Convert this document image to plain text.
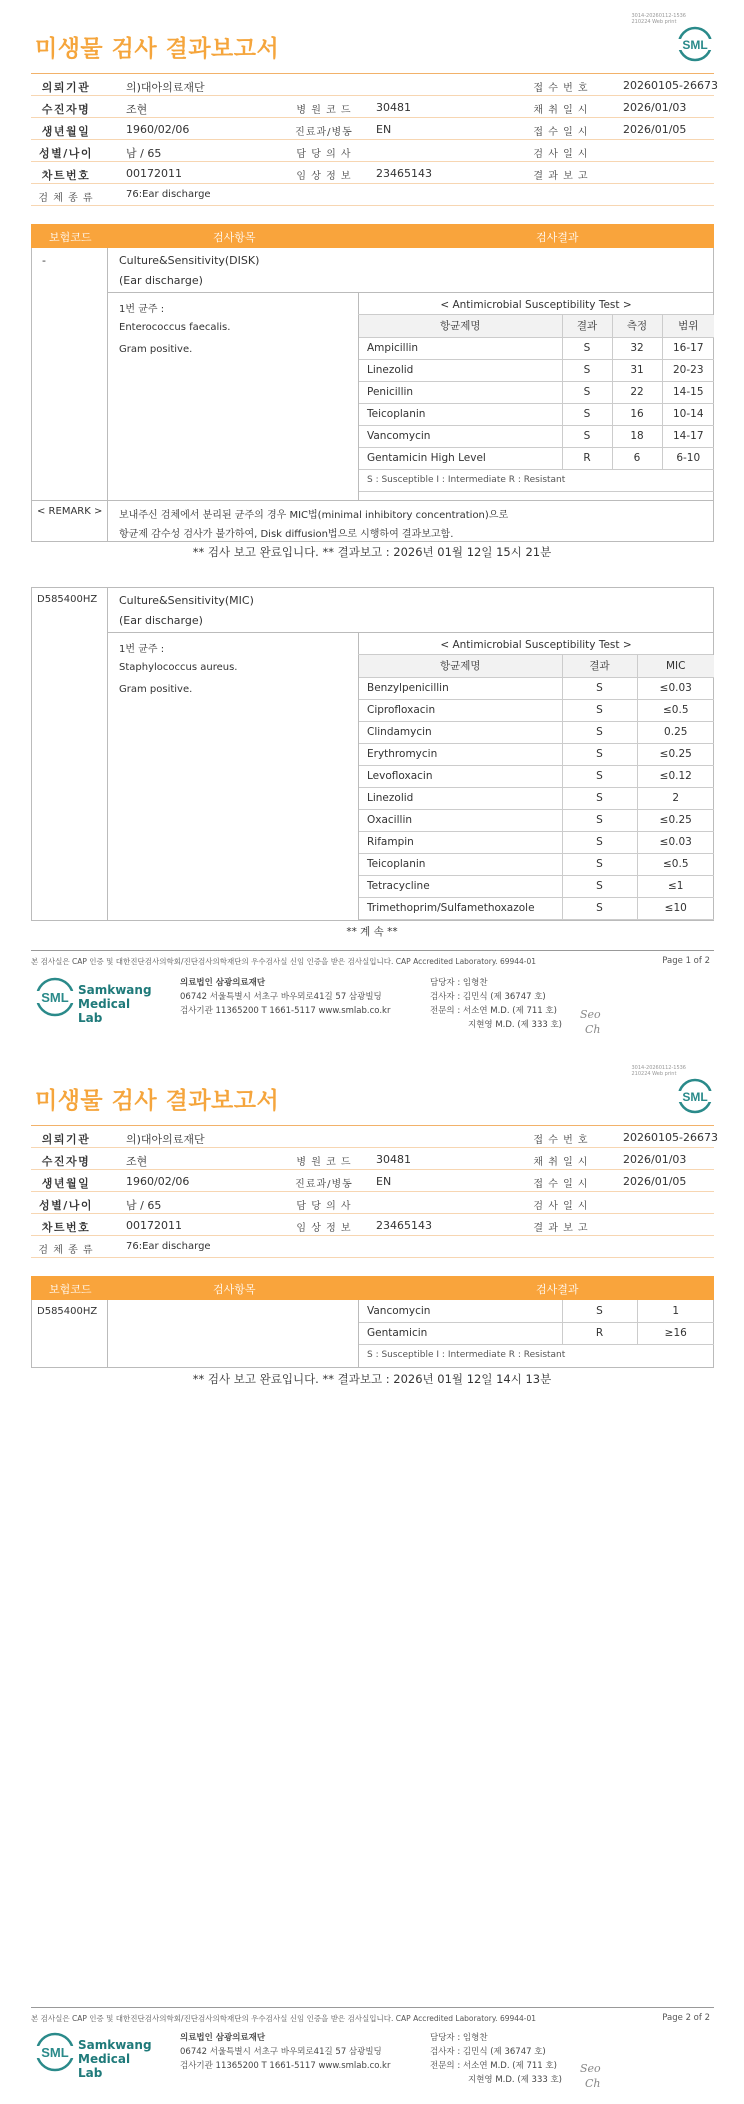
3014-20260112-1536
210224 Web print
SML
미생물 검사 결과보고서
의뢰기관	의)대아의료재단	접 수 번 호	20260105-26673
수진자명	조현	병 원 코 드	30481	채 취 일 시	2026/01/03
생년월일	1960/02/06	진료과/병동	EN	접 수 일 시	2026/01/05
성별/나이	남 / 65	담 당 의 사	검 사 일 시
차트번호	00172011	임 상 정 보	23465143	결 과 보 고
검 체 종 류	76:Ear discharge
보험코드	검사항목	검사결과
-	Culture&Sensitivity(DISK)
(Ear discharge)
1번 균주 :
Enterococcus faecalis.
Gram positive.
< Antimicrobial Susceptibility Test >
항균제명	결과	측정	범위
Ampicillin	S	32	16-17
Linezolid	S	31	20-23
Penicillin	S	22	14-15
Teicoplanin	S	16	10-14
Vancomycin	S	18	14-17
Gentamicin High Level	R	6	6-10
S : Susceptible I : Intermediate R : Resistant			
< REMARK > 보내주신 검체에서 분리된 균주의 경우 MIC법(minimal inhibitory concentration)으로
항균제 감수성 검사가 불가하여, Disk diffusion법으로 시행하여 결과보고함.
** 검사 보고 완료입니다. ** 결과보고 : 2026년 01월 12일 15시 21분
D585400HZ Culture&Sensitivity(MIC)
(Ear discharge)
1번 균주 :
Staphylococcus aureus.
Gram positive.
< Antimicrobial Susceptibility Test >
항균제명	결과	MIC
Benzylpenicillin	S	≤0.03
Ciprofloxacin	S	≤0.5
Clindamycin	S	0.25
Erythromycin	S	≤0.25
Levofloxacin	S	≤0.12
Linezolid	S	2
Oxacillin	S	≤0.25
Rifampin	S	≤0.03
Teicoplanin	S	≤0.5
Tetracycline	S	≤1
Trimethoprim/Sulfamethoxazole	S	≤10
** 계 속 **
본 검사실은 CAP 인증 및 대한진단검사의학회/진단검사의학재단의 우수검사실 신임 인증을 받은 검사실입니다. CAP Accredited Laboratory. 69944-01	Page 1 of 2
SML Samkwang
Medical Lab
의료법인 삼광의료재단
06742 서울특별시 서초구 바우뫼로41길 57 삼광빌딩
검사기관 11365200 T 1661-5117 www.smlab.co.kr
담당자 : 임형찬
검사자 : 김민식 (제 36747 호)
전문의 : 서소연 M.D. (제 711 호)
지현영 M.D. (제 333 호)
Seo
Ch
3014-20260112-1536
210224 Web print
SML
미생물 검사 결과보고서
의뢰기관	의)대아의료재단	접 수 번 호	20260105-26673
수진자명	조현	병 원 코 드	30481	채 취 일 시	2026/01/03
생년월일	1960/02/06	진료과/병동	EN	접 수 일 시	2026/01/05
성별/나이	남 / 65	담 당 의 사	검 사 일 시
차트번호	00172011	임 상 정 보	23465143	결 과 보 고
검 체 종 류	76:Ear discharge
보험코드	검사항목	검사결과
D585400HZ	Vancomycin	S	1
Gentamicin	R	≥16
S : Susceptible I : Intermediate R : Resistant		
** 검사 보고 완료입니다. ** 결과보고 : 2026년 01월 12일 14시 13분
본 검사실은 CAP 인증 및 대한진단검사의학회/진단검사의학재단의 우수검사실 신임 인증을 받은 검사실입니다. CAP Accredited Laboratory. 69944-01	Page 2 of 2
SML Samkwang
Medical Lab
의료법인 삼광의료재단
06742 서울특별시 서초구 바우뫼로41길 57 삼광빌딩
검사기관 11365200 T 1661-5117 www.smlab.co.kr
담당자 : 임형찬
검사자 : 김민식 (제 36747 호)
전문의 : 서소연 M.D. (제 711 호)
지현영 M.D. (제 333 호)
Seo
Ch
